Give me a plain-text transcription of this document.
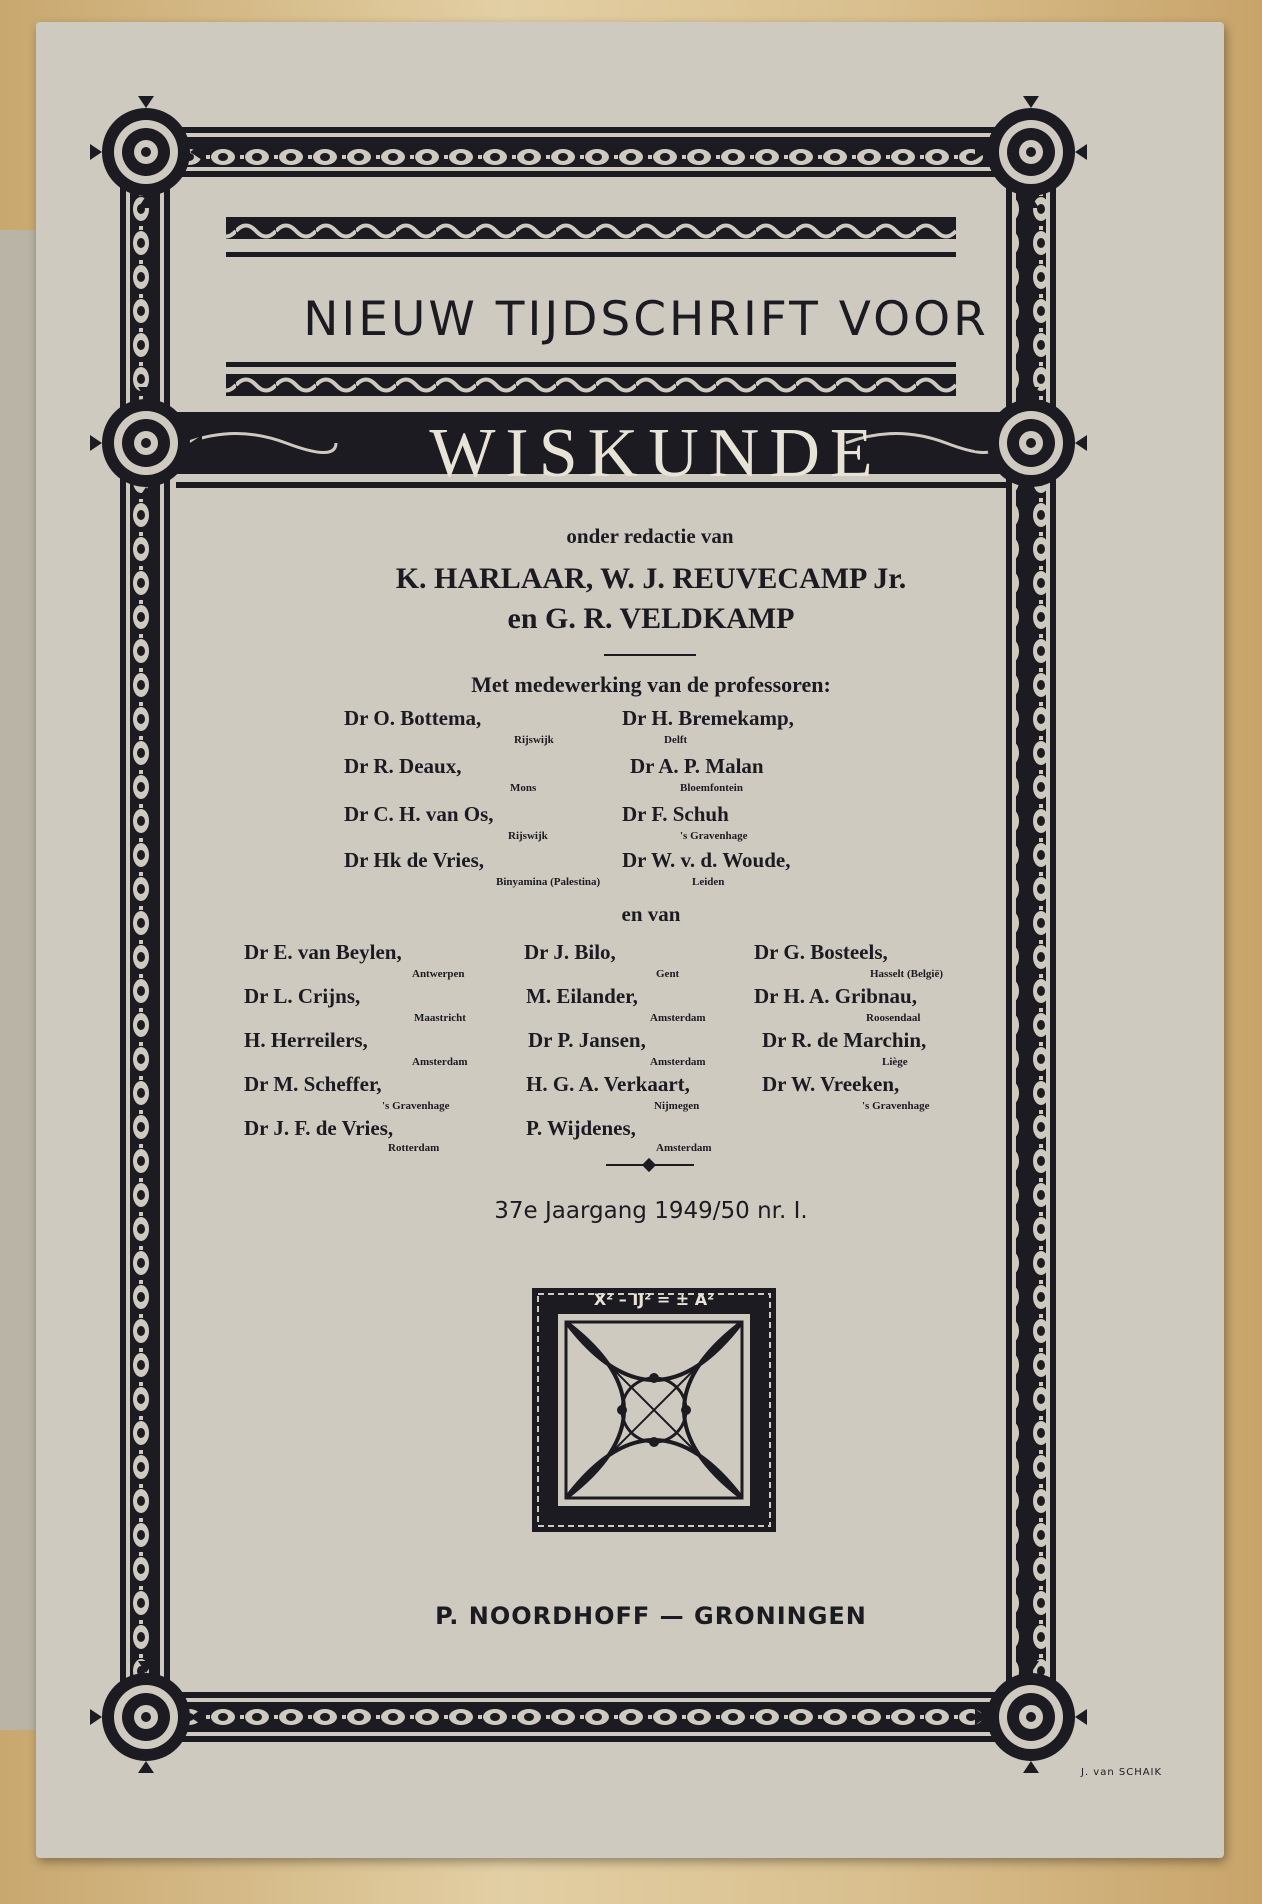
NIEUW TIJDSCHRIFT VOOR
WISKUNDE
onder redactie van
K. HARLAAR, W. J. REUVECAMP Jr.
en G. R. VELDKAMP
Met medewerking van de professoren:
Dr O. Bottema,
Rijswijk
Dr H. Bremekamp,
Delft
Dr R. Deaux,
Mons
Dr A. P. Malan
Bloemfontein
Dr C. H. van Os,
Rijswijk
Dr F. Schuh
's Gravenhage
Dr Hk de Vries,
Binyamina (Palestina)
Dr W. v. d. Woude,
Leiden
en van
Dr E. van Beylen,
Antwerpen
Dr J. Bilo,
Gent
Dr G. Bosteels,
Hasselt (België)
Dr L. Crijns,
Maastricht
M. Eilander,
Amsterdam
Dr H. A. Gribnau,
Roosendaal
H. Herreilers,
Amsterdam
Dr P. Jansen,
Amsterdam
Dr R. de Marchin,
Liège
Dr M. Scheffer,
's Gravenhage
H. G. A. Verkaart,
Nijmegen
Dr W. Vreeken,
's Gravenhage
Dr J. F. de Vries,
Rotterdam
P. Wijdenes,
Amsterdam
37e Jaargang 1949/50 nr. I.
X² – IJ² = ± A²
P. NOORDHOFF — GRONINGEN
J. van SCHAIK
